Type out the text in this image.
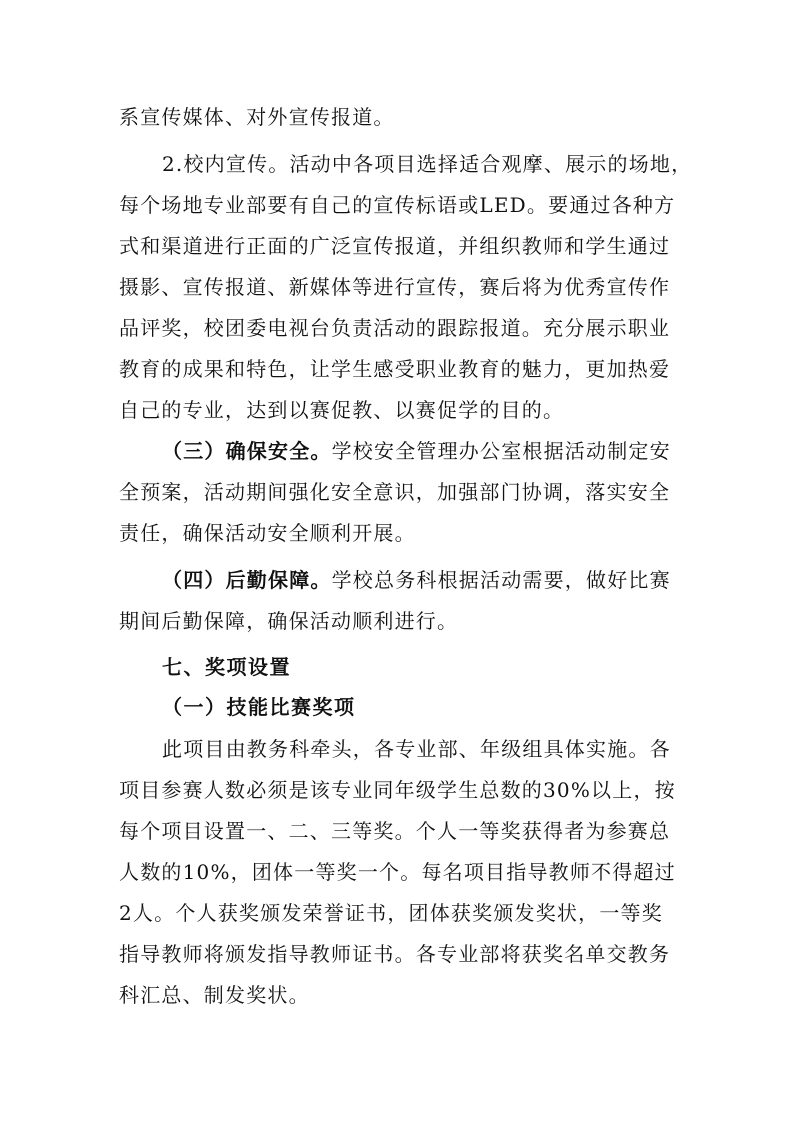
系宣传媒体、对外宣传报道。
2.校内宣传。活动中各项目选择适合观摩、展示的场地，
每个场地专业部要有自己的宣传标语或LED。要通过各种方
式和渠道进行正面的广泛宣传报道，并组织教师和学生通过
摄影、宣传报道、新媒体等进行宣传，赛后将为优秀宣传作
品评奖，校团委电视台负责活动的跟踪报道。充分展示职业
教育的成果和特色，让学生感受职业教育的魅力，更加热爱
自己的专业，达到以赛促教、以赛促学的目的。
（三）确保安全。学校安全管理办公室根据活动制定安
全预案，活动期间强化安全意识，加强部门协调，落实安全
责任，确保活动安全顺利开展。
（四）后勤保障。学校总务科根据活动需要，做好比赛
期间后勤保障，确保活动顺利进行。
七、奖项设置
（一）技能比赛奖项
此项目由教务科牵头，各专业部、年级组具体实施。各
项目参赛人数必须是该专业同年级学生总数的30%以上，按
每个项目设置一、二、三等奖。个人一等奖获得者为参赛总
人数的10%，团体一等奖一个。每名项目指导教师不得超过
2人。个人获奖颁发荣誉证书，团体获奖颁发奖状，一等奖
指导教师将颁发指导教师证书。各专业部将获奖名单交教务
科汇总、制发奖状。
